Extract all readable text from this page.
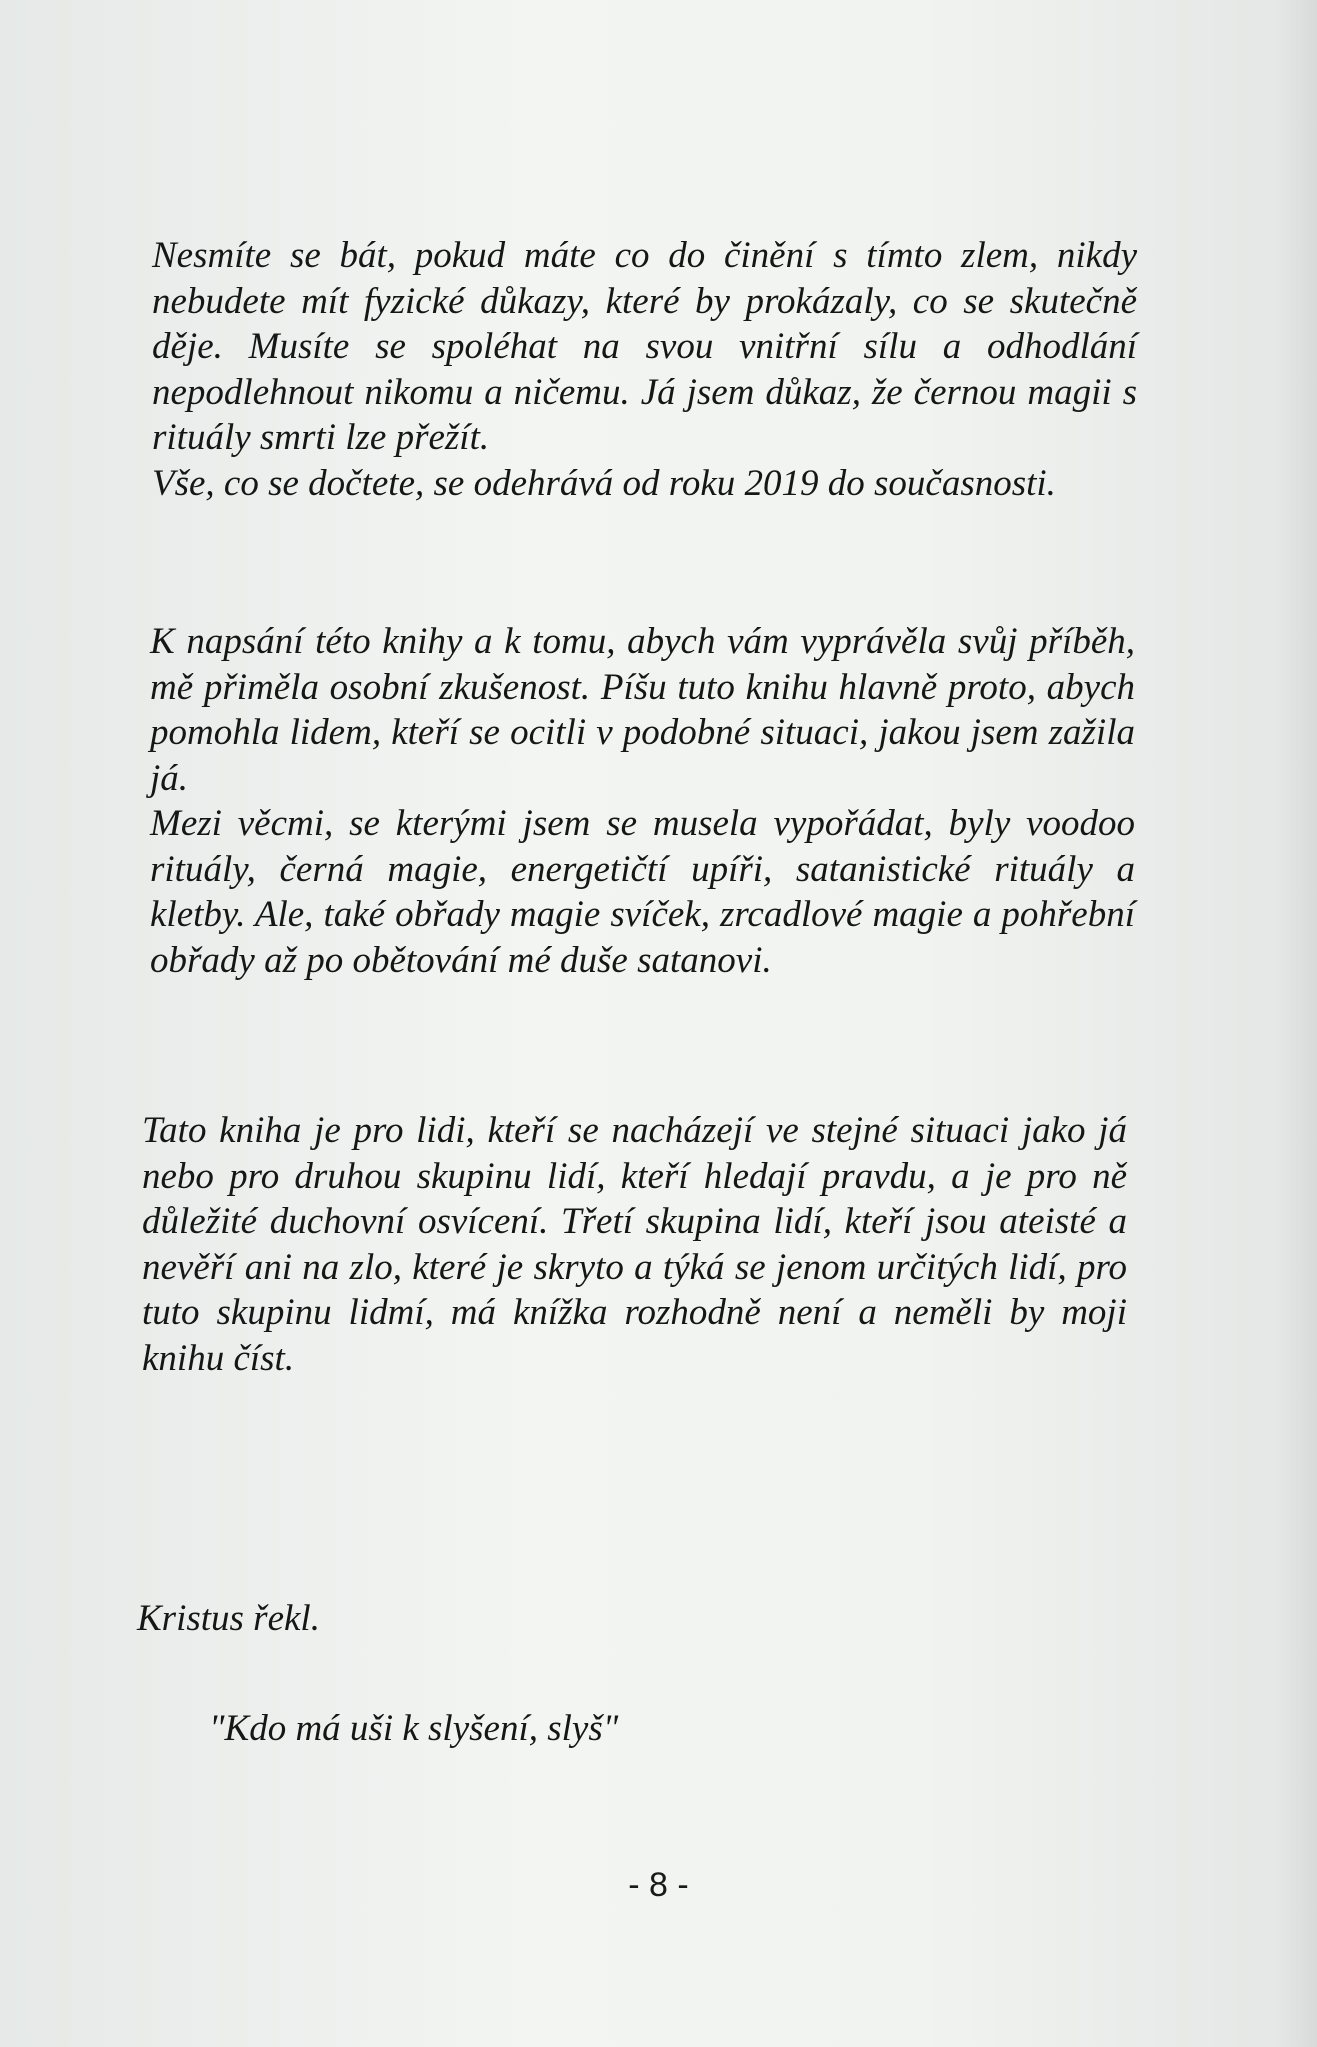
Nesmíte se bát, pokud máte co do činění s tímto zlem, nikdy nebudete mít fyzické důkazy, které by prokázaly, co se skutečně děje. Musíte se spoléhat na svou vnitřní sílu a odhodlání nepodlehnout nikomu a ničemu. Já jsem důkaz, že černou magii s rituály smrti lze přežít.

Vše, co se dočtete, se odehrává od roku 2019 do současnosti.

K napsání této knihy a k tomu, abych vám vyprávěla svůj příběh, mě přiměla osobní zkušenost. Píšu tuto knihu hlavně proto, abych pomohla lidem, kteří se ocitli v podobné situaci, jakou jsem zažila já.

Mezi věcmi, se kterými jsem se musela vypořádat, byly voodoo rituály, černá magie, energetičtí upíři, satanistické rituály a kletby. Ale, také obřady magie svíček, zrcadlové magie a pohřební obřady až po obětování mé duše satanovi.

Tato kniha je pro lidi, kteří se nacházejí ve stejné situaci jako já nebo pro druhou skupinu lidí, kteří hledají pravdu, a je pro ně důležité duchovní osvícení. Třetí skupina lidí, kteří jsou ateisté a nevěří ani na zlo, které je skryto a týká se jenom určitých lidí, pro tuto skupinu lidmí, má knížka rozhodně není a neměli by moji knihu číst.

Kristus řekl.
"Kdo má uši k slyšení, slyš"
- 8 -
